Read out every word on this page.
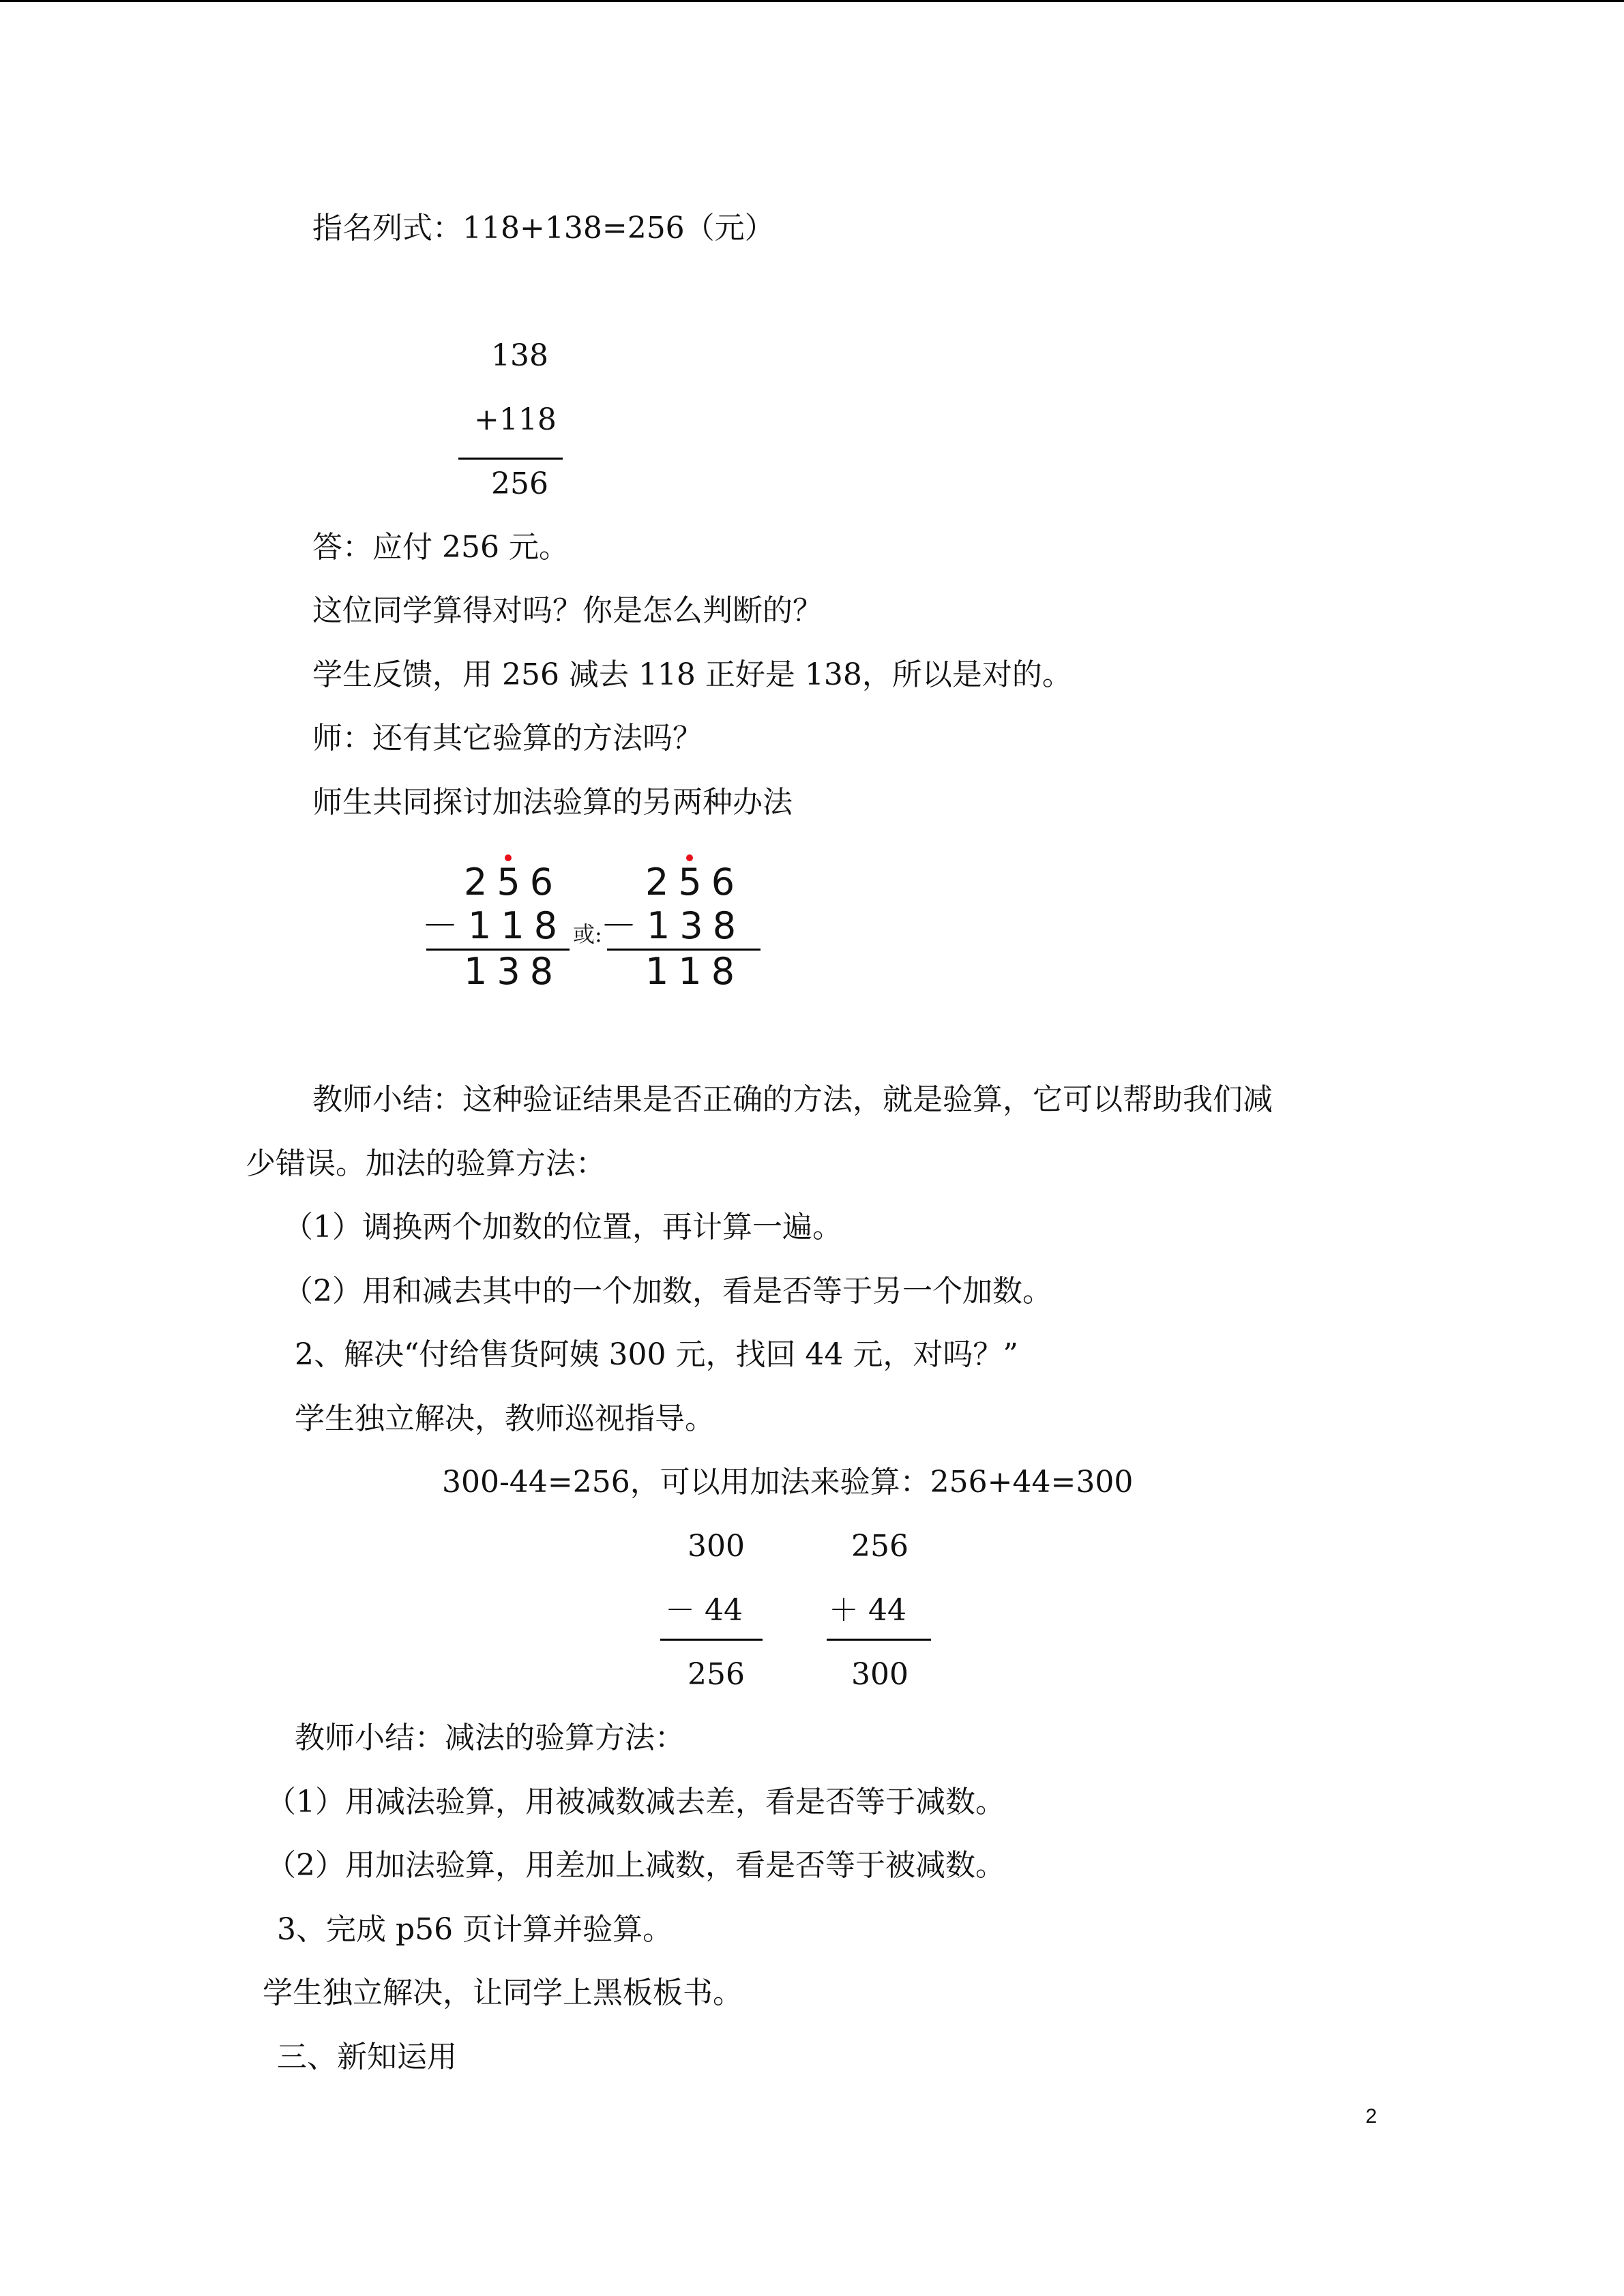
指名列式：118+138=256（元）
138
+118
256
答：应付 256 元。
这位同学算得对吗？你是怎么判断的？
学生反馈，用 256 减去 118 正好是 138，所以是对的。
师：还有其它验算的方法吗？
师生共同探讨加法验算的另两种办法
256
－118
138
或:
256
－138
118
教师小结：这种验证结果是否正确的方法，就是验算，它可以帮助我们减
少错误。加法的验算方法：
（1）调换两个加数的位置，再计算一遍。
（2）用和减去其中的一个加数，看是否等于另一个加数。
2、解决“付给售货阿姨 300 元，找回 44 元，对吗？”
学生独立解决，教师巡视指导。
300-44=256，可以用加法来验算：256+44=300
300
－ 44
256
256
＋ 44
300
教师小结：减法的验算方法：
（1）用减法验算，用被减数减去差，看是否等于减数。
（2）用加法验算，用差加上减数，看是否等于被减数。
3、完成 p56 页计算并验算。
学生独立解决，让同学上黑板板书。
三、新知运用
2
